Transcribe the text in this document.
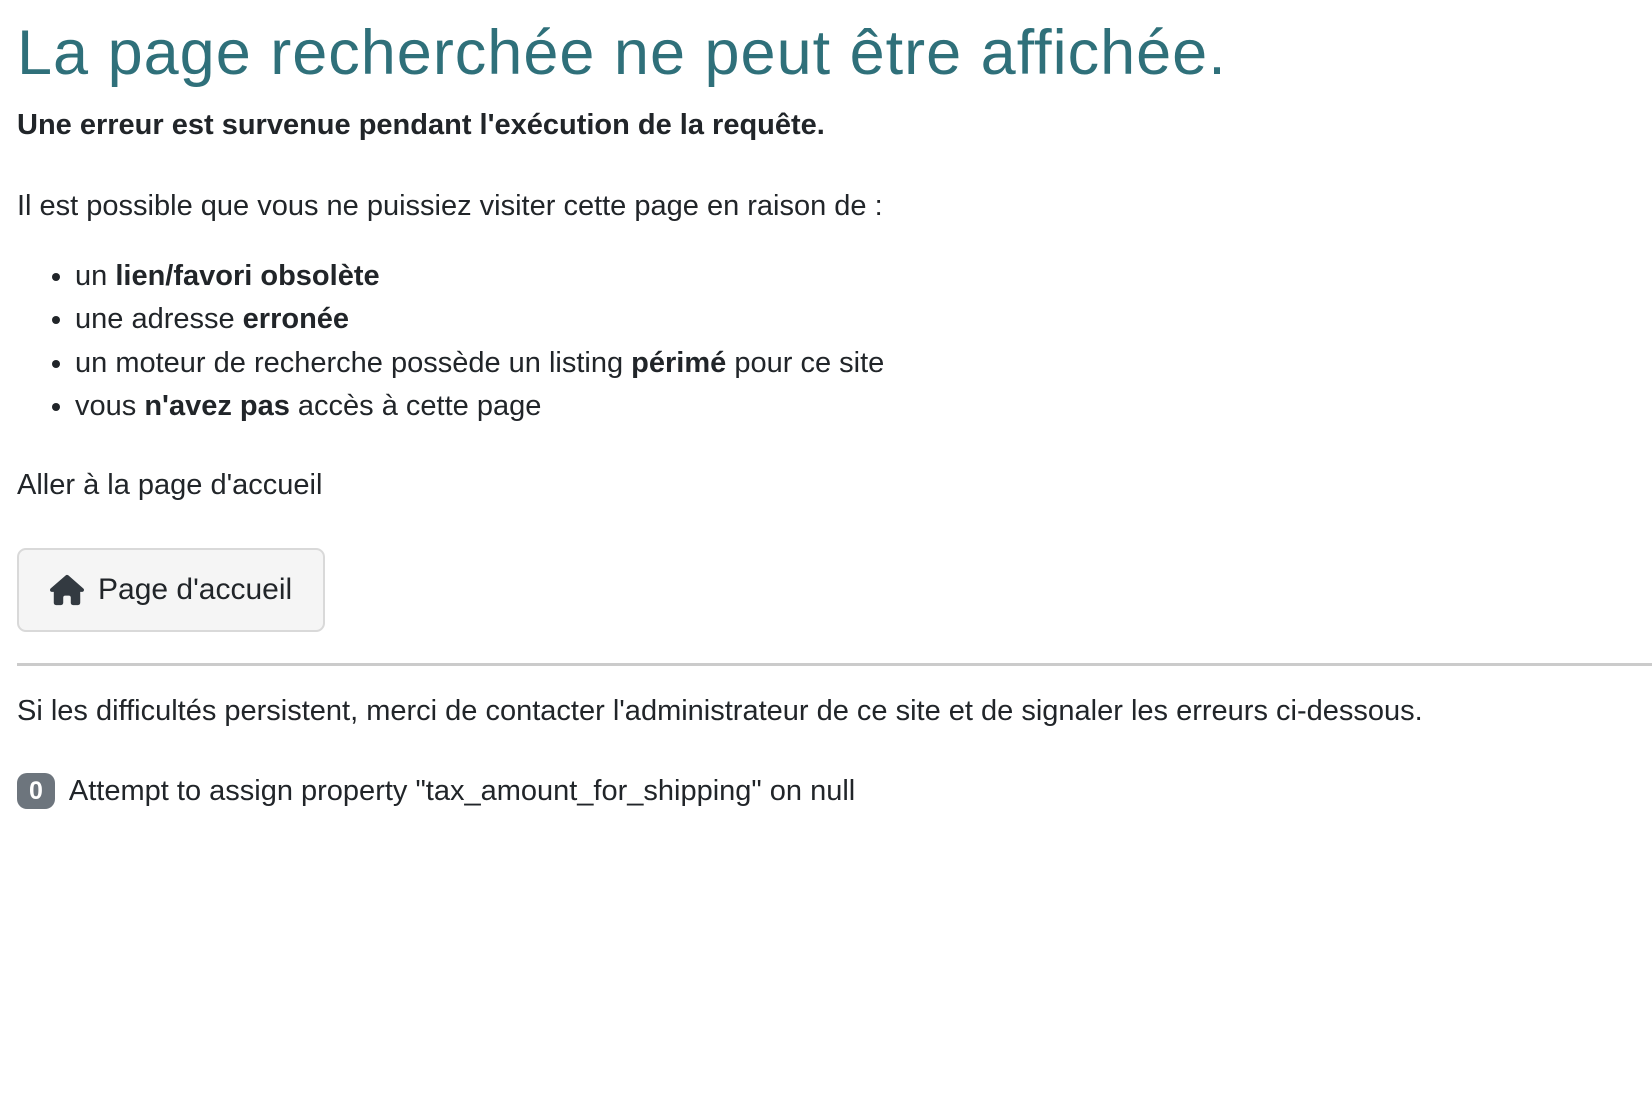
La page recherchée ne peut être affichée.

Une erreur est survenue pendant l'exécution de la requête.

Il est possible que vous ne puissiez visiter cette page en raison de :

• un lien/favori obsolète
• une adresse erronée
• un moteur de recherche possède un listing périmé pour ce site
• vous n'avez pas accès à cette page

Aller à la page d'accueil

Page d'accueil

Si les difficultés persistent, merci de contacter l'administrateur de ce site et de signaler les erreurs ci-dessous.

0 Attempt to assign property "tax_amount_for_shipping" on null
